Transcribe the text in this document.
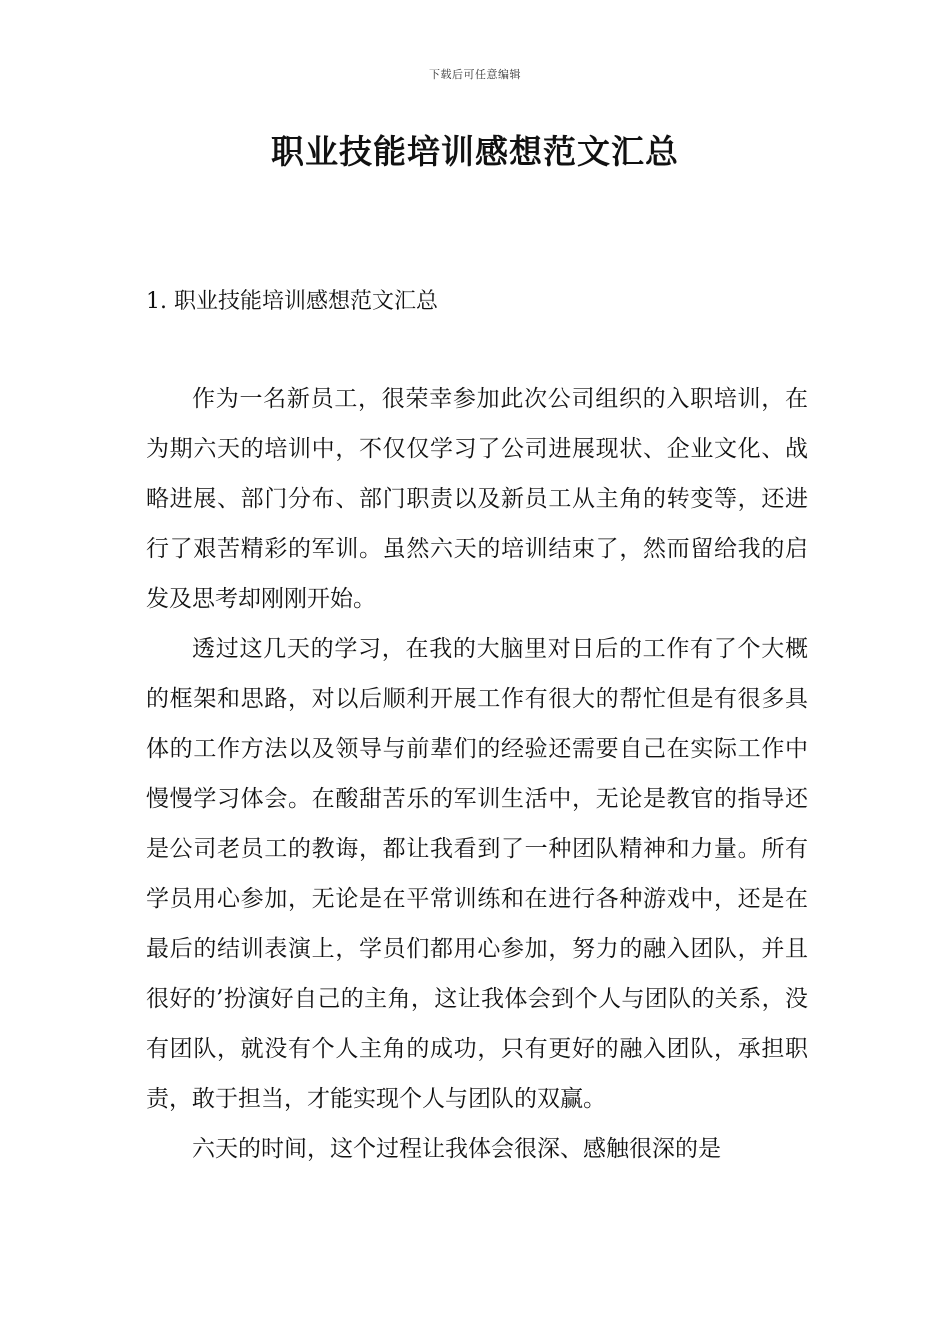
下载后可任意编辑
职业技能培训感想范文汇总
1. 职业技能培训感想范文汇总

作为一名新员工，很荣幸参加此次公司组织的入职培训，在为期六天的培训中，不仅仅学习了公司进展现状、企业文化、战略进展、部门分布、部门职责以及新员工从主角的转变等，还进行了艰苦精彩的军训。虽然六天的培训结束了，然而留给我的启发及思考却刚刚开始。

透过这几天的学习，在我的大脑里对日后的工作有了个大概的框架和思路，对以后顺利开展工作有很大的帮忙但是有很多具体的工作方法以及领导与前辈们的经验还需要自己在实际工作中慢慢学习体会。在酸甜苦乐的军训生活中，无论是教官的指导还是公司老员工的教诲，都让我看到了一种团队精神和力量。所有学员用心参加，无论是在平常训练和在进行各种游戏中，还是在最后的结训表演上，学员们都用心参加，努力的融入团队，并且很好的’扮演好自己的主角，这让我体会到个人与团队的关系，没有团队，就没有个人主角的成功，只有更好的融入团队，承担职责，敢于担当，才能实现个人与团队的双赢。

六天的时间，这个过程让我体会很深、感触很深的是
